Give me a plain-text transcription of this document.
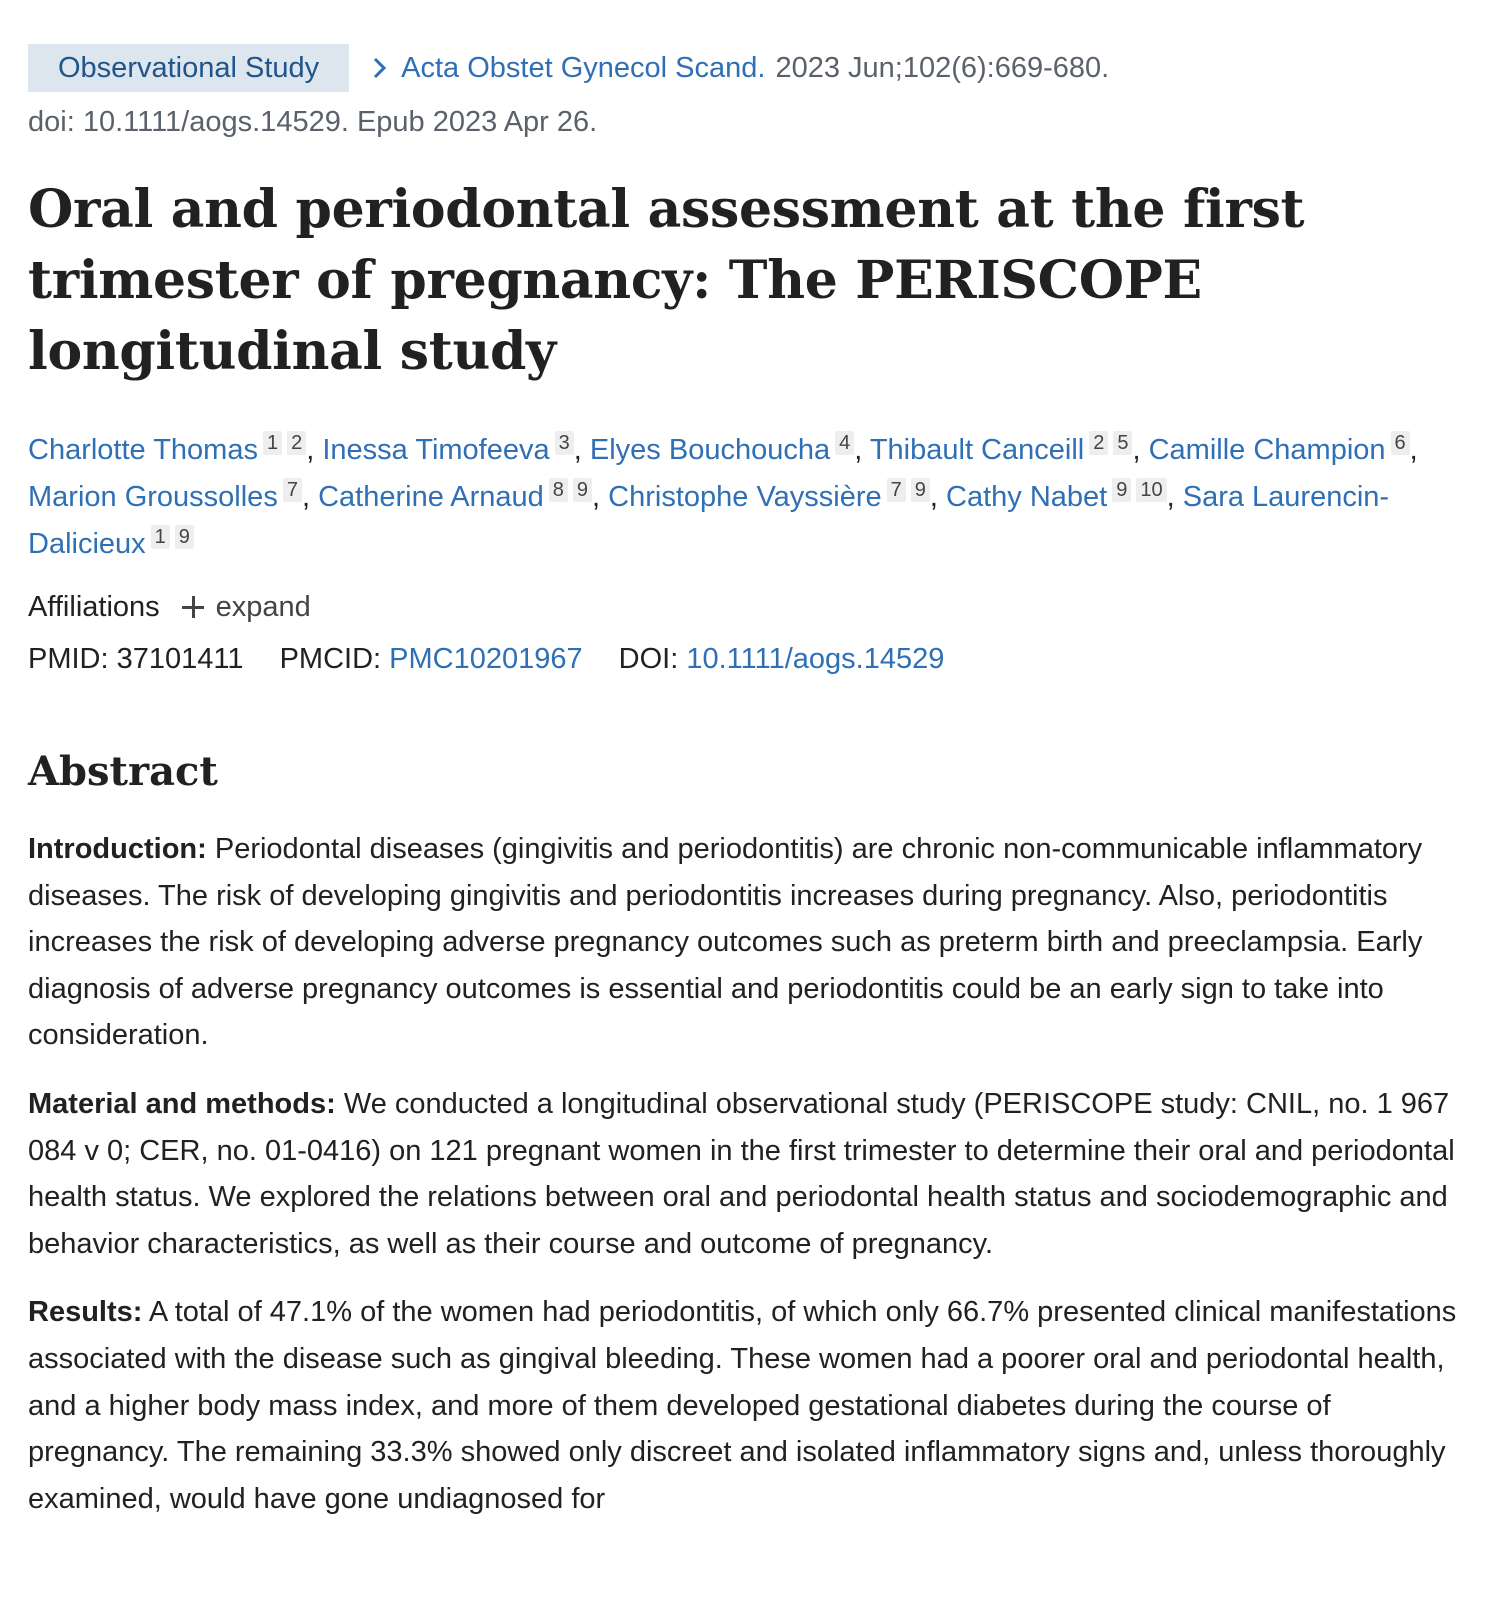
Observational Study	Acta Obstet Gynecol Scand. 2023 Jun;102(6):669-680.
doi: 10.1111/aogs.14529. Epub 2023 Apr 26.
Oral and periodontal assessment at the first trimester of pregnancy: The PERISCOPE longitudinal study
Charlotte Thomas 1 2 , Inessa Timofeeva 3 , Elyes Bouchoucha 4 , Thibault Canceill 2 5 , Camille Champion 6 , Marion Groussolles 7 , Catherine Arnaud 8 9 , Christophe Vayssière 7 9 , Cathy Nabet 9 10 , Sara Laurencin-Dalicieux 1 9
Affiliations expand
PMID: 37101411 PMCID: PMC10201967 DOI: 10.1111/aogs.14529
Abstract
Introduction: Periodontal diseases (gingivitis and periodontitis) are chronic non-communicable inflammatory diseases. The risk of developing gingivitis and periodontitis increases during pregnancy. Also, periodontitis increases the risk of developing adverse pregnancy outcomes such as preterm birth and preeclampsia. Early diagnosis of adverse pregnancy outcomes is essential and periodontitis could be an early sign to take into consideration.
Material and methods: We conducted a longitudinal observational study (PERISCOPE study: CNIL, no. 1 967 084 v 0; CER, no. 01-0416) on 121 pregnant women in the first trimester to determine their oral and periodontal health status. We explored the relations between oral and periodontal health status and sociodemographic and behavior characteristics, as well as their course and outcome of pregnancy.
Results: A total of 47.1% of the women had periodontitis, of which only 66.7% presented clinical manifestations associated with the disease such as gingival bleeding. These women had a poorer oral and periodontal health, and a higher body mass index, and more of them developed gestational diabetes during the course of pregnancy. The remaining 33.3% showed only discreet and isolated inflammatory signs and, unless thoroughly examined, would have gone undiagnosed for
